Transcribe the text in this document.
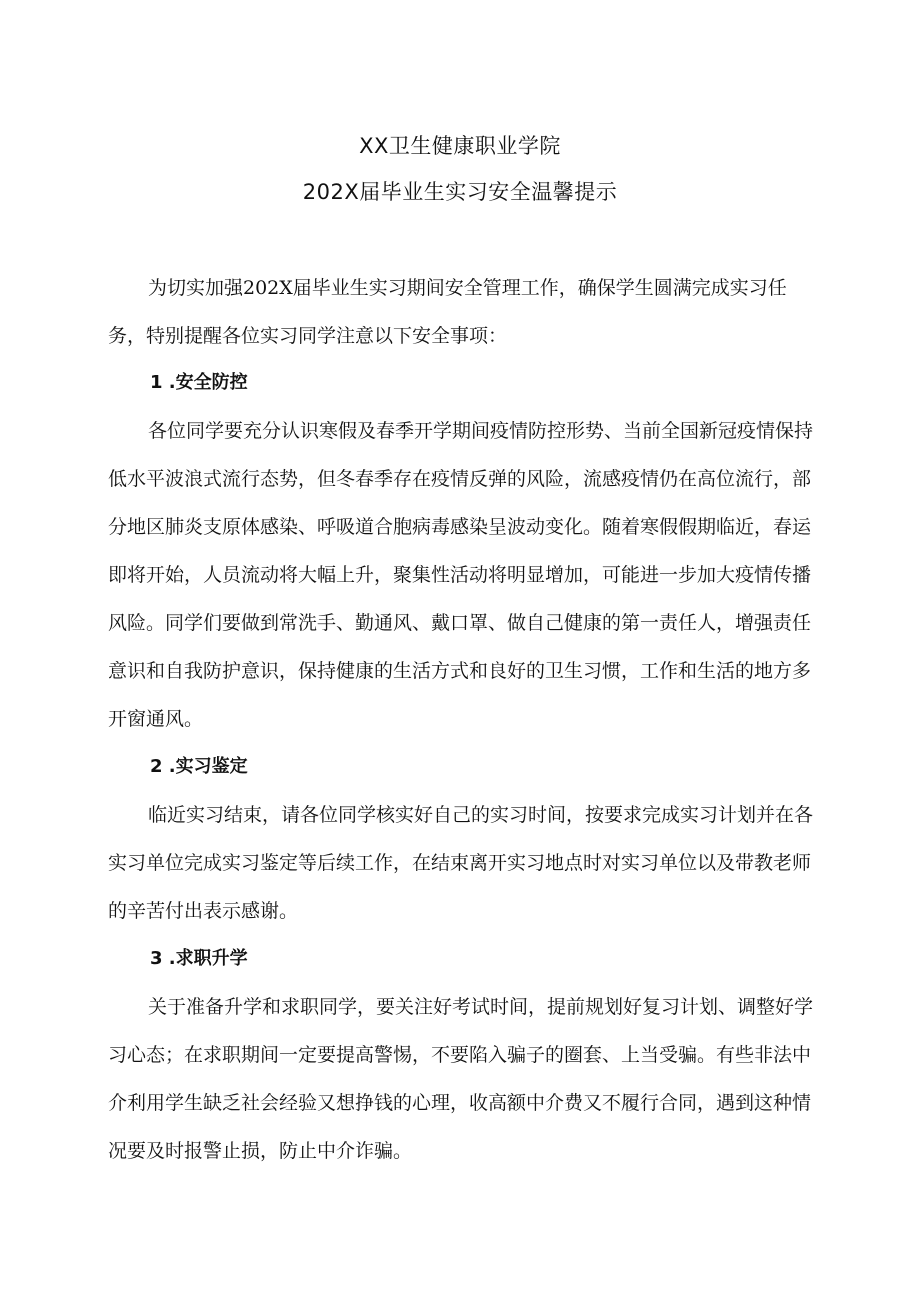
XX卫生健康职业学院
202X届毕业生实习安全温馨提示

为切实加强202X届毕业生实习期间安全管理工作，确保学生圆满完成实习任务，特别提醒各位实习同学注意以下安全事项：

1 .安全防控

各位同学要充分认识寒假及春季开学期间疫情防控形势、当前全国新冠疫情保持低水平波浪式流行态势，但冬春季存在疫情反弹的风险，流感疫情仍在高位流行，部分地区肺炎支原体感染、呼吸道合胞病毒感染呈波动变化。随着寒假假期临近，春运即将开始，人员流动将大幅上升，聚集性活动将明显增加，可能进一步加大疫情传播风险。同学们要做到常洗手、勤通风、戴口罩、做自己健康的第一责任人，增强责任意识和自我防护意识，保持健康的生活方式和良好的卫生习惯，工作和生活的地方多开窗通风。

2 .实习鉴定

临近实习结束，请各位同学核实好自己的实习时间，按要求完成实习计划并在各实习单位完成实习鉴定等后续工作，在结束离开实习地点时对实习单位以及带教老师的辛苦付出表示感谢。

3 .求职升学

关于准备升学和求职同学，要关注好考试时间，提前规划好复习计划、调整好学习心态；在求职期间一定要提高警惕，不要陷入骗子的圈套、上当受骗。有些非法中介利用学生缺乏社会经验又想挣钱的心理，收高额中介费又不履行合同，遇到这种情况要及时报警止损，防止中介诈骗。
